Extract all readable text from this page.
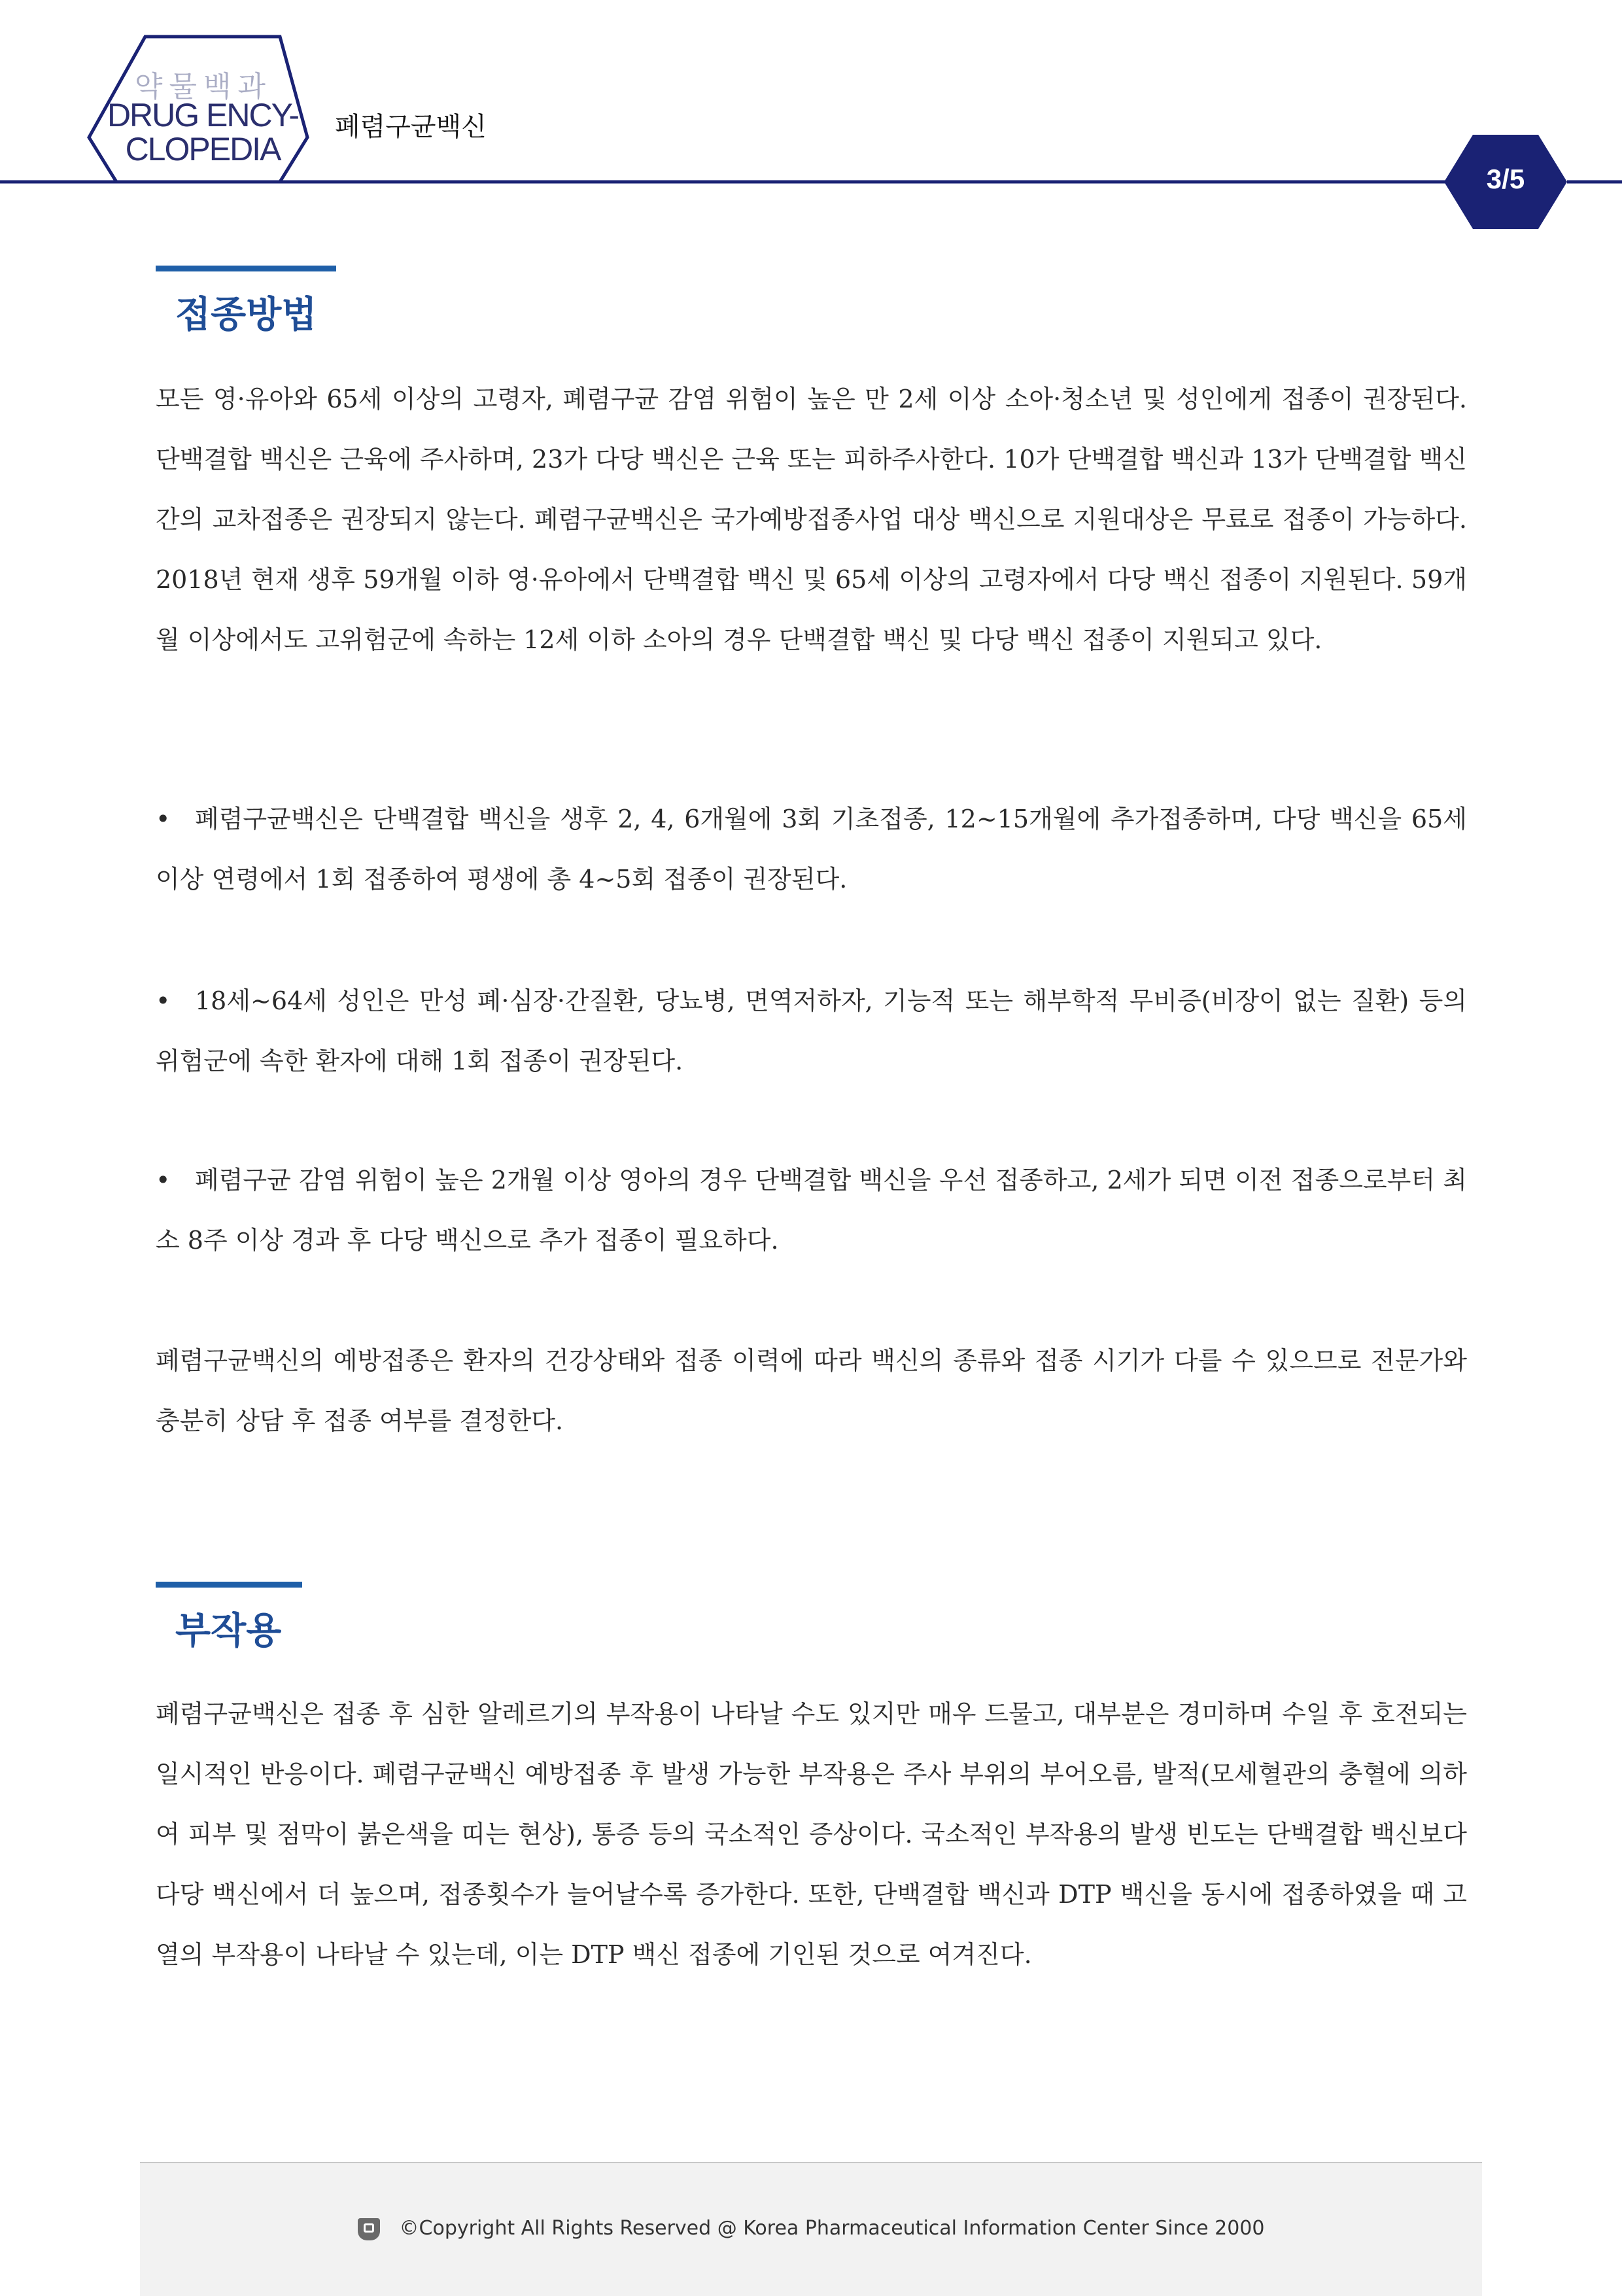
약물백과
DRUG ENCY-
CLOPEDIA
폐렴구균백신
3/5
접종방법
모든 영·유아와 65세 이상의 고령자, 폐렴구균 감염 위험이 높은 만 2세 이상 소아·청소년 및 성인에게 접종이 권장된다. 단백결합 백신은 근육에 주사하며, 23가 다당 백신은 근육 또는 피하주사한다. 10가 단백결합 백신과 13가 단백결합 백신간의 교차접종은 권장되지 않는다. 폐렴구균백신은 국가예방접종사업 대상 백신으로 지원대상은 무료로 접종이 가능하다. 2018년 현재 생후 59개월 이하 영·유아에서 단백결합 백신 및 65세 이상의 고령자에서 다당 백신 접종이 지원된다. 59개월 이상에서도 고위험군에 속하는 12세 이하 소아의 경우 단백결합 백신 및 다당 백신 접종이 지원되고 있다.
• 폐렴구균백신은 단백결합 백신을 생후 2, 4, 6개월에 3회 기초접종, 12~15개월에 추가접종하며, 다당 백신을 65세 이상 연령에서 1회 접종하여 평생에 총 4~5회 접종이 권장된다.
• 18세~64세 성인은 만성 폐·심장·간질환, 당뇨병, 면역저하자, 기능적 또는 해부학적 무비증(비장이 없는 질환) 등의 위험군에 속한 환자에 대해 1회 접종이 권장된다.
• 폐렴구균 감염 위험이 높은 2개월 이상 영아의 경우 단백결합 백신을 우선 접종하고, 2세가 되면 이전 접종으로부터 최소 8주 이상 경과 후 다당 백신으로 추가 접종이 필요하다.
폐렴구균백신의 예방접종은 환자의 건강상태와 접종 이력에 따라 백신의 종류와 접종 시기가 다를 수 있으므로 전문가와 충분히 상담 후 접종 여부를 결정한다.
부작용
폐렴구균백신은 접종 후 심한 알레르기의 부작용이 나타날 수도 있지만 매우 드물고, 대부분은 경미하며 수일 후 호전되는 일시적인 반응이다. 폐렴구균백신 예방접종 후 발생 가능한 부작용은 주사 부위의 부어오름, 발적(모세혈관의 충혈에 의하여 피부 및 점막이 붉은색을 띠는 현상), 통증 등의 국소적인 증상이다. 국소적인 부작용의 발생 빈도는 단백결합 백신보다 다당 백신에서 더 높으며, 접종횟수가 늘어날수록 증가한다. 또한, 단백결합 백신과 DTP 백신을 동시에 접종하였을 때 고열의 부작용이 나타날 수 있는데, 이는 DTP 백신 접종에 기인된 것으로 여겨진다.
©Copyright All Rights Reserved @ Korea Pharmaceutical Information Center Since 2000
